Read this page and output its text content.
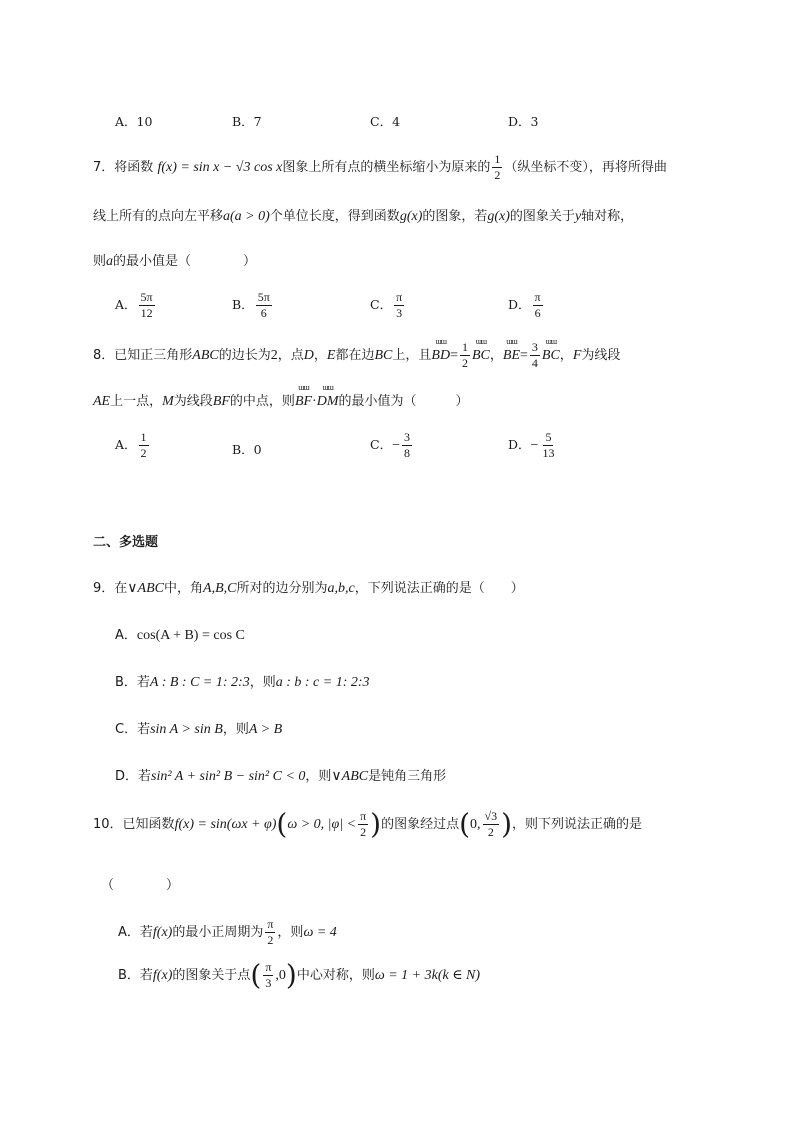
A．10	B．7	C．4	D．3
7．将函数 f(x) = sin x − √3 cos x图象上所有点的横坐标缩小为原来的 $\frac{1}{2}$ （纵坐标不变），再将所得曲
线上所有的点向左平移a(a > 0)个单位长度，得到函数g(x)的图象，若g(x)的图象关于y轴对称，
则a的最小值是（　　　　）
A． $\frac{5\pi}{12}$	B． $\frac{5\pi}{6}$	C． $\frac{\pi}{3}$	D． $\frac{\pi}{6}$
8．已知正三角形ABC的边长为2，点D，E都在边BC上，且
ɯɯ
$BD= \frac{1}{2}$ ɯɯ
BC，
ɯɯ
$BE= \frac{3}{4}$ ɯɯ
BC，F为线段
AE上一点，M为线段BF的中点，则
ɯɯ
BF·
ɯɯ
DM的最小值为（　　　）
A． $\frac{1}{2}$	B．0	C．− $\frac{3}{8}$	D．− $\frac{5}{13}$
二、多选题
9．在∨ABC中，角A,B,C所对的边分别为a,b,c，下列说法正确的是（　　）
A．cos(A + B) = cos C
B．若A : B : C = 1: 2:3，则a : b : c = 1: 2:3
C．若sin A > sin B，则A > B
D．若sin² A + sin² B − sin² C < 0，则∨ABC是钝角三角形
10．已知函数f(x) = sin(ωx + φ)(ω > 0, $|\varphi| < \frac{\pi}{2}$ )的图象经过点(0, $\frac{√3}{2}$ )，则下列说法正确的是
（　　　　）
A．若f(x)的最小正周期为 $\frac{\pi}{2}$ ，则ω = 4
B．若f(x)的图象关于点( $\frac{\pi}{3} ,0$)中心对称，则ω = 1 + 3k(k ∈ N)
